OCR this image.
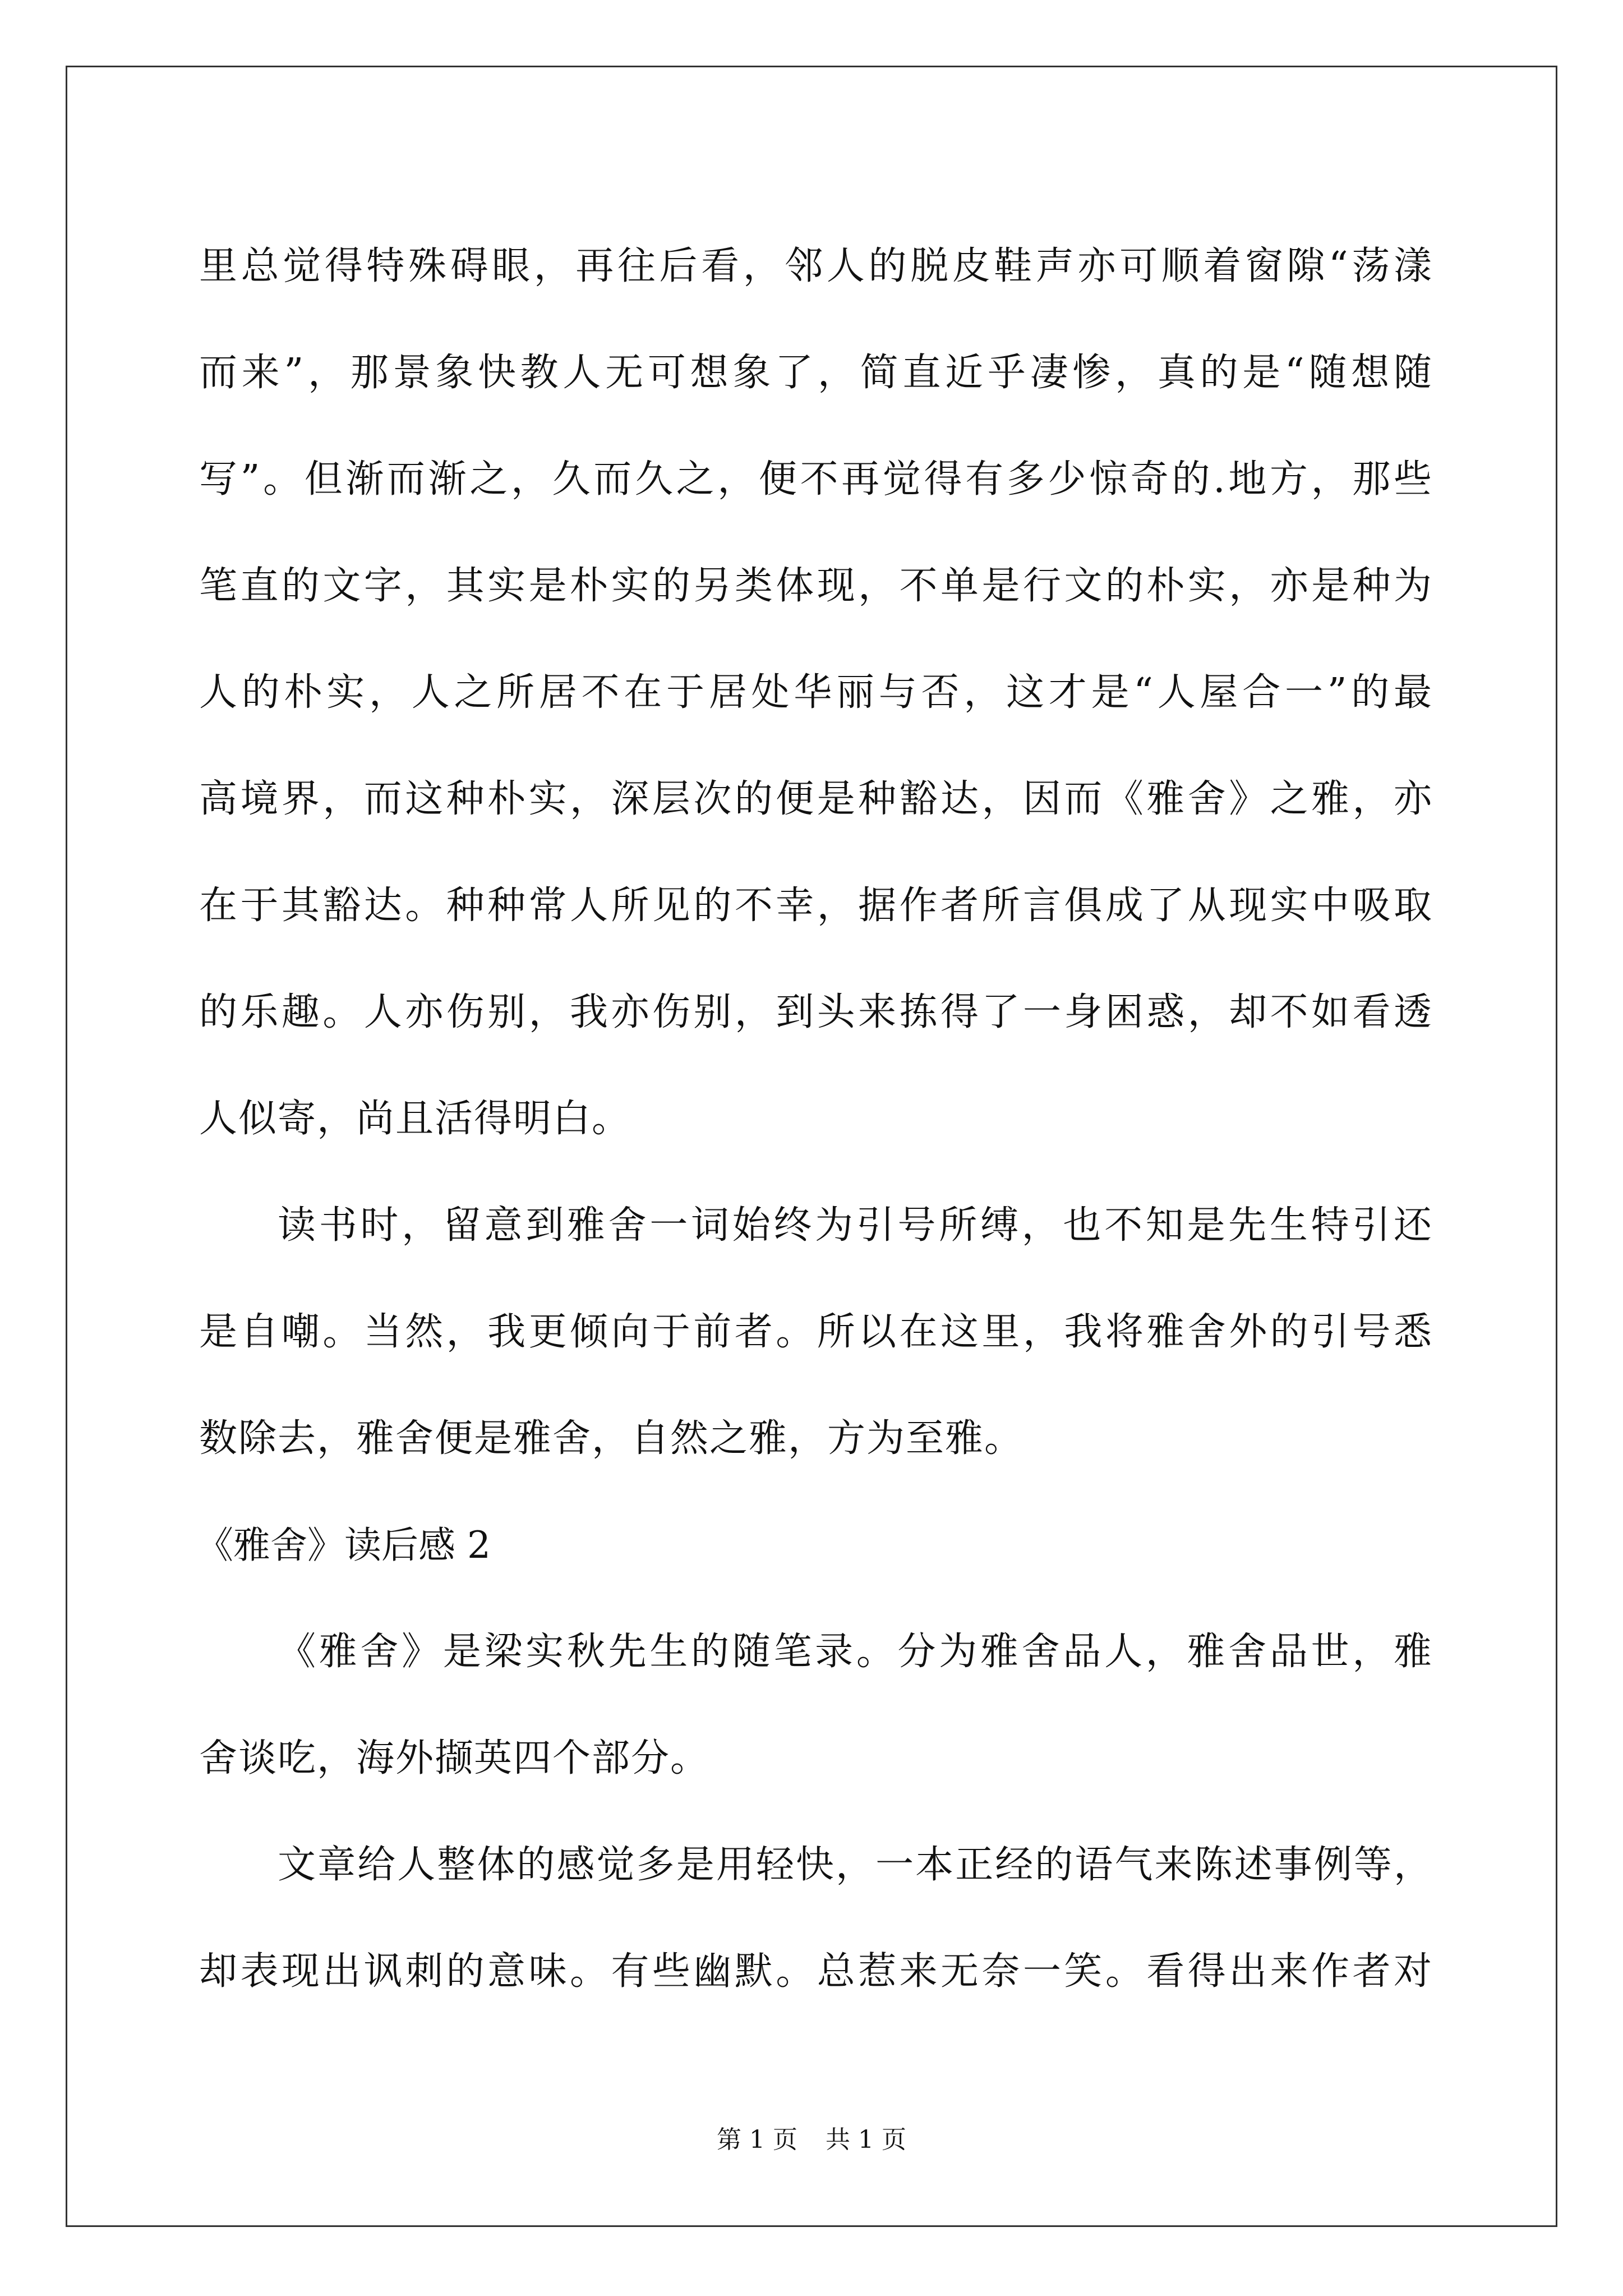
里总觉得特殊碍眼，再往后看，邻人的脱皮鞋声亦可顺着窗隙“荡漾
而来”，那景象快教人无可想象了，简直近乎凄惨，真的是“随想随
写”。但渐而渐之，久而久之，便不再觉得有多少惊奇的.地方，那些
笔直的文字，其实是朴实的另类体现，不单是行文的朴实，亦是种为
人的朴实，人之所居不在于居处华丽与否，这才是“人屋合一”的最
高境界，而这种朴实，深层次的便是种豁达，因而《雅舍》之雅，亦
在于其豁达。种种常人所见的不幸，据作者所言俱成了从现实中吸取
的乐趣。人亦伤别，我亦伤别，到头来拣得了一身困惑，却不如看透
人似寄，尚且活得明白。
读书时，留意到雅舍一词始终为引号所缚，也不知是先生特引还
是自嘲。当然，我更倾向于前者。所以在这里，我将雅舍外的引号悉
数除去，雅舍便是雅舍，自然之雅，方为至雅。
《雅舍》读后感 2
《雅舍》是梁实秋先生的随笔录。分为雅舍品人，雅舍品世，雅
舍谈吃，海外撷英四个部分。
文章给人整体的感觉多是用轻快，一本正经的语气来陈述事例等，
却表现出讽刺的意味。有些幽默。总惹来无奈一笑。看得出来作者对
第 1 页 共 1 页
